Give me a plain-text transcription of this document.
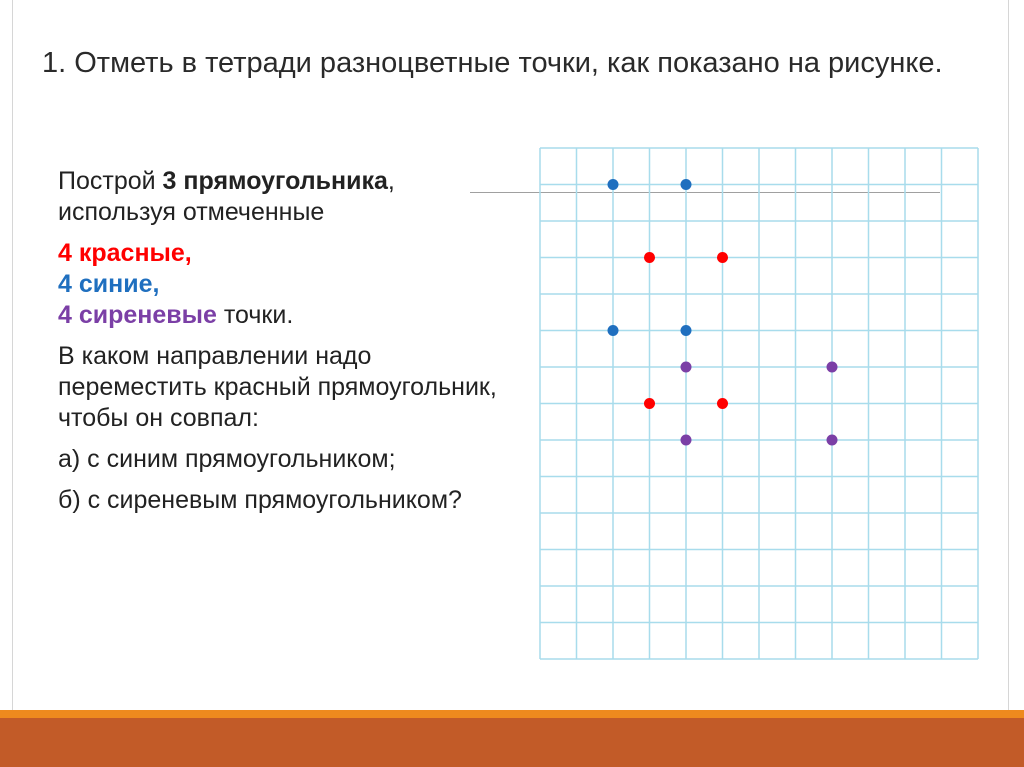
1. Отметь в тетради разноцветные точки, как показано на рисунке.

Построй 3 прямоугольника,
используя отмеченные

4 красные,
4 синие,
4 сиреневые точки.

В каком направлении надо переместить красный прямоугольник, чтобы он совпал:

а) с синим прямоугольником;

б) с сиреневым прямоугольником?
